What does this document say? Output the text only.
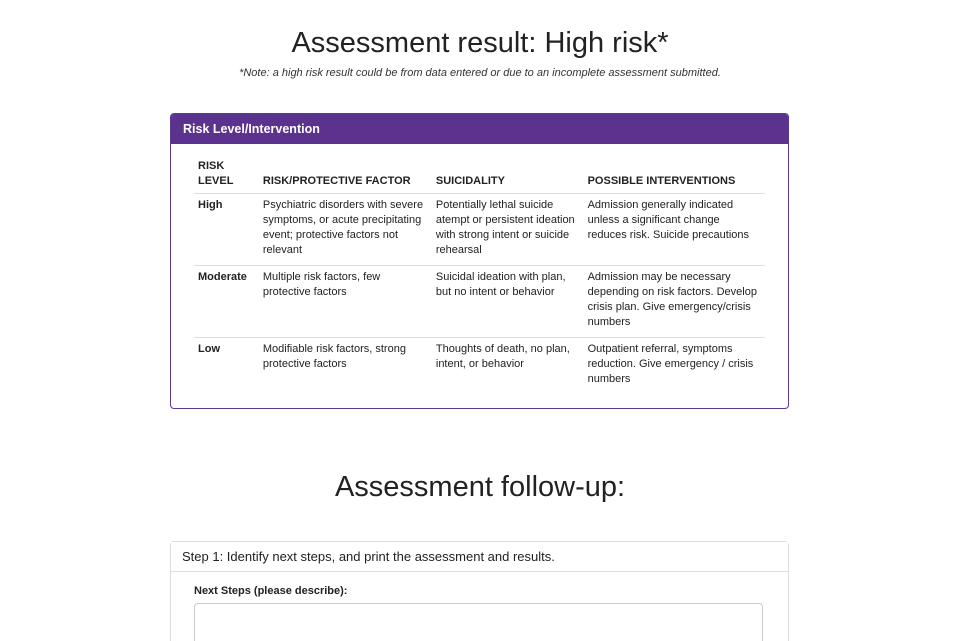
Assessment result: High risk*
*Note: a high risk result could be from data entered or due to an incomplete assessment submitted.
Risk Level/Intervention
RISK LEVEL	RISK/PROTECTIVE FACTOR	SUICIDALITY	POSSIBLE INTERVENTIONS
High	Psychiatric disorders with severe symptoms, or acute precipitating event; protective factors not relevant	Potentially lethal suicide atempt or persistent ideation with strong intent or suicide rehearsal	Admission generally indicated unless a significant change reduces risk. Suicide precautions
Moderate	Multiple risk factors, few protective factors	Suicidal ideation with plan, but no intent or behavior	Admission may be necessary depending on risk factors. Develop crisis plan. Give emergency/crisis numbers
Low	Modifiable risk factors, strong protective factors	Thoughts of death, no plan, intent, or behavior	Outpatient referral, symptoms reduction. Give emergency / crisis numbers
Assessment follow-up:
Step 1: Identify next steps, and print the assessment and results.
Next Steps (please describe):
